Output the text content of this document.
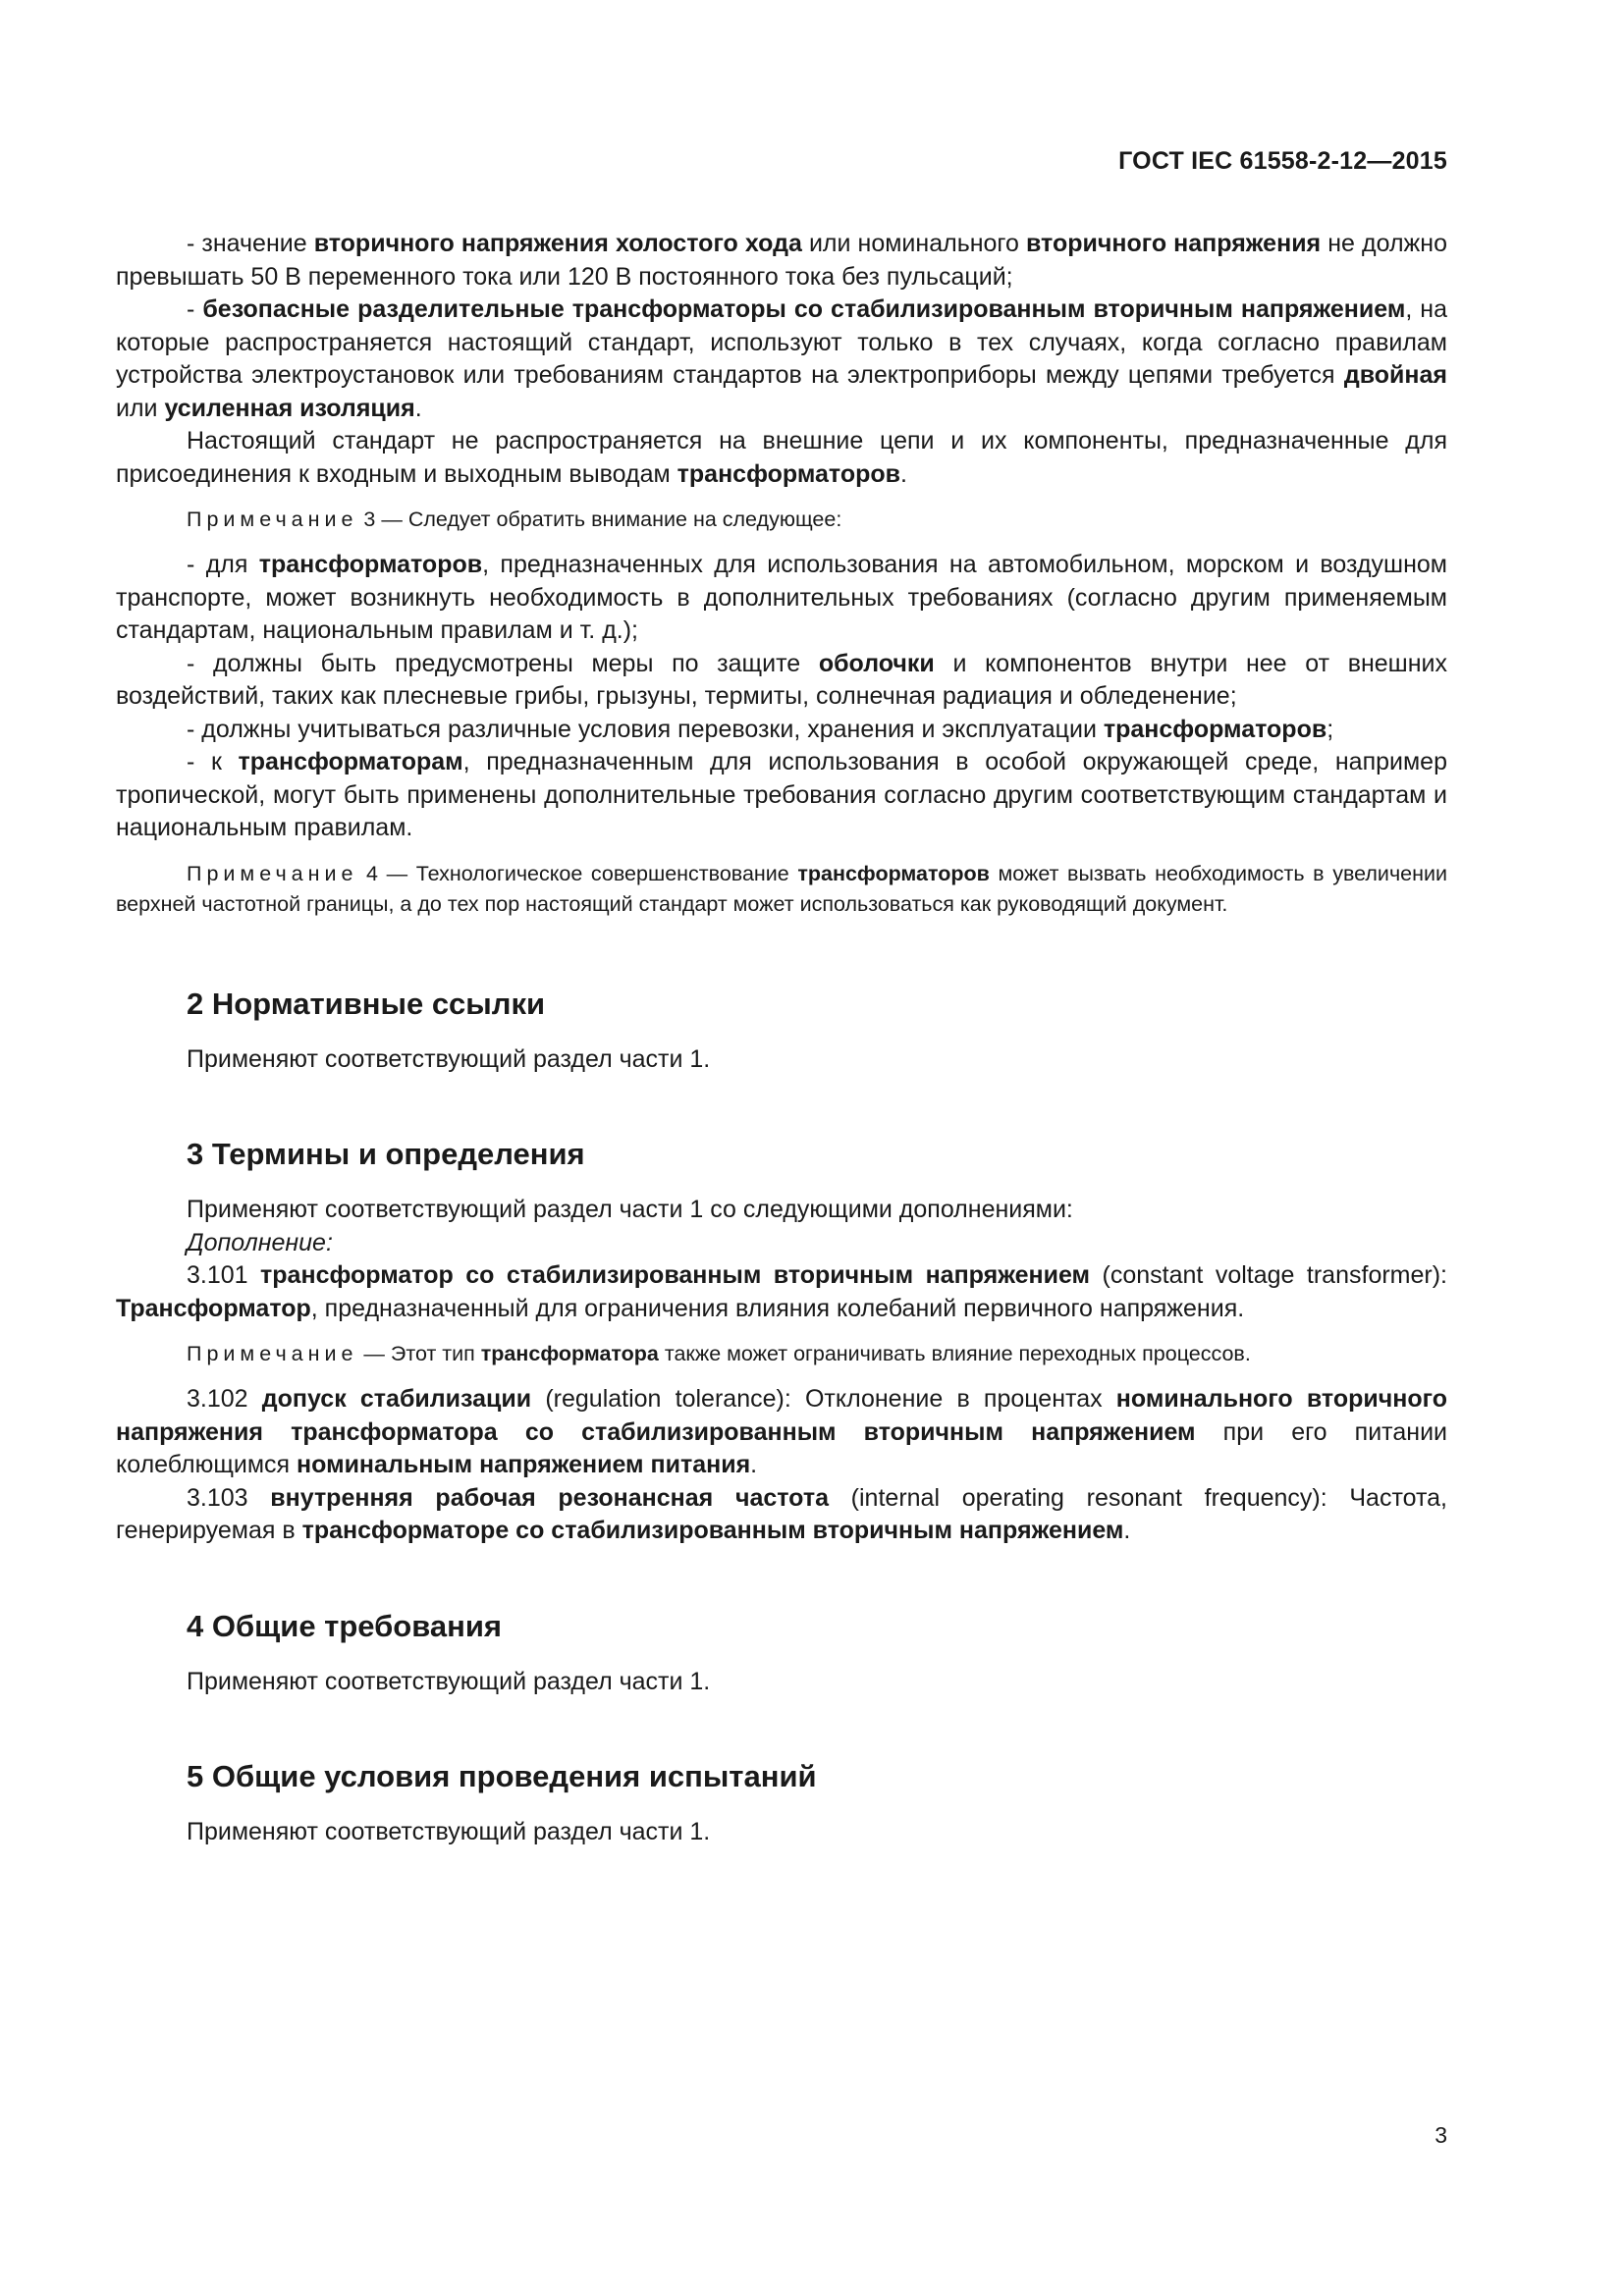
ГОСТ IEC 61558-2-12—2015

- значение вторичного напряжения холостого хода или номинального вторичного напряжения не должно превышать 50 В переменного тока или 120 В постоянного тока без пульсаций;

- безопасные разделительные трансформаторы со стабилизированным вторичным напряжением, на которые распространяется настоящий стандарт, используют только в тех случаях, когда согласно правилам устройства электроустановок или требованиям стандартов на электроприборы между цепями требуется двойная или усиленная изоляция.

Настоящий стандарт не распространяется на внешние цепи и их компоненты, предназначенные для присоединения к входным и выходным выводам трансформаторов.

Примечание 3 — Следует обратить внимание на следующее:

- для трансформаторов, предназначенных для использования на автомобильном, морском и воздушном транспорте, может возникнуть необходимость в дополнительных требованиях (согласно другим применяемым стандартам, национальным правилам и т. д.);

- должны быть предусмотрены меры по защите оболочки и компонентов внутри нее от внешних воздействий, таких как плесневые грибы, грызуны, термиты, солнечная радиация и обледенение;

- должны учитываться различные условия перевозки, хранения и эксплуатации трансформаторов;

- к трансформаторам, предназначенным для использования в особой окружающей среде, например тропической, могут быть применены дополнительные требования согласно другим соответствующим стандартам и национальным правилам.

Примечание 4 — Технологическое совершенствование трансформаторов может вызвать необходимость в увеличении верхней частотной границы, а до тех пор настоящий стандарт может использоваться как руководящий документ.

2 Нормативные ссылки

Применяют соответствующий раздел части 1.

3 Термины и определения

Применяют соответствующий раздел части 1 со следующими дополнениями:

Дополнение:

3.101 трансформатор со стабилизированным вторичным напряжением (constant voltage transformer): Трансформатор, предназначенный для ограничения влияния колебаний первичного напряжения.

Примечание — Этот тип трансформатора также может ограничивать влияние переходных процессов.

3.102 допуск стабилизации (regulation tolerance): Отклонение в процентах номинального вторичного напряжения трансформатора со стабилизированным вторичным напряжением при его питании колеблющимся номинальным напряжением питания.

3.103 внутренняя рабочая резонансная частота (internal operating resonant frequency): Частота, генерируемая в трансформаторе со стабилизированным вторичным напряжением.

4 Общие требования

Применяют соответствующий раздел части 1.

5 Общие условия проведения испытаний

Применяют соответствующий раздел части 1.

3
